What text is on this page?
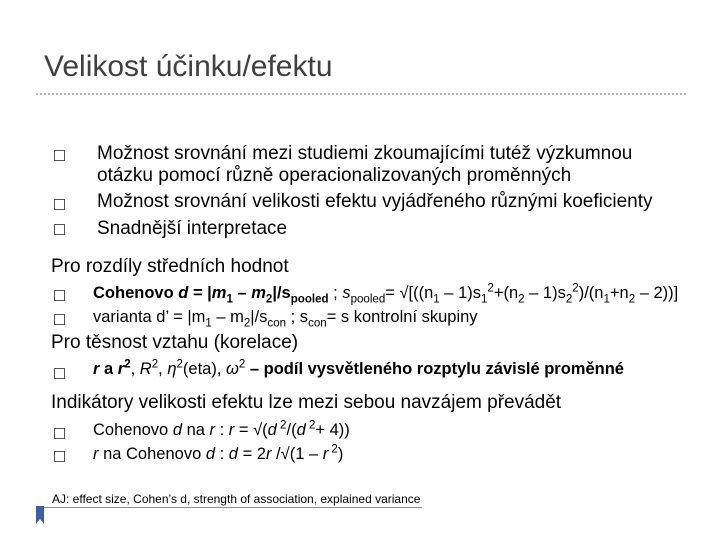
Velikost účinku/efektu
Možnost srovnání mezi studiemi zkoumajícími tutéž výzkumnou
otázku pomocí různě operacionalizovaných proměnných
Možnost srovnání velikosti efektu vyjádřeného různými koeficienty
Snadnější interpretace
Pro rozdíly středních hodnot
Cohenovo $d = |m_1 - m_2|/s_{pooled}$ ; $s_{pooled}= √[((n_1 - 1)s_1^2+(n_2 - 1)s_2^2)/(n_1+n_2 - 2))$]
varianta d’ = $|m_1 - m_2|/s_{con}$ ; $s_{con}= s$ kontrolní skupiny
Pro těsnost vztahu (korelace)
r a $r^2$, $R^2$, $\eta^2(eta)$, $\omega^2$ – podíl vysvětleného rozptylu závislé proměnné
Indikátory velikosti efektu lze mezi sebou navzájem převádět
Cohenovo d na r : r = √(d $^2$/(d $^2$+ 4))
r na Cohenovo d : d = 2r /√(1 – r $^2$)
AJ: effect size, Cohen’s d, strength of association, explained variance
